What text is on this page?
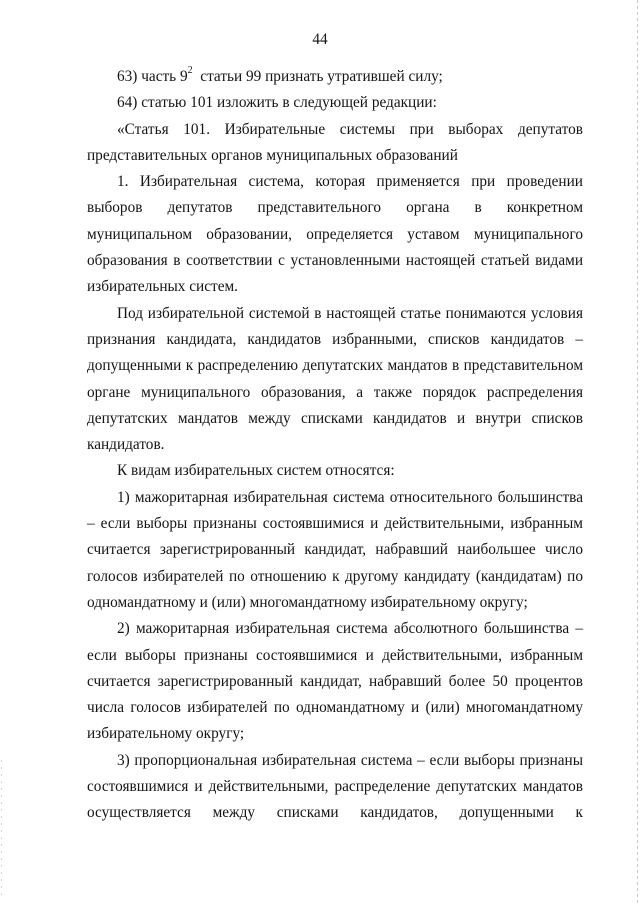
44

63) часть $9^2$  статьи 99 признать утратившей силу;

64) статью 101 изложить в следующей редакции:

«Статья 101. Избирательные системы при выборах депутатов представительных органов муниципальных образований

1. Избирательная система, которая применяется при проведении выборов депутатов представительного органа в конкретном муниципальном образовании, определяется уставом муниципального образования в соответствии с установленными настоящей статьей видами избирательных систем.

Под избирательной системой в настоящей статье понимаются условия признания кандидата, кандидатов избранными, списков кандидатов – допущенными к распределению депутатских мандатов в представительном органе муниципального образования, а также порядок распределения депутатских мандатов между списками кандидатов и внутри списков кандидатов.

К видам избирательных систем относятся:

1) мажоритарная избирательная система относительного большинства – если выборы признаны состоявшимися и действительными, избранным считается зарегистрированный кандидат, набравший наибольшее число голосов избирателей по отношению к другому кандидату (кандидатам) по одномандатному и (или) многомандатному избирательному округу;

2) мажоритарная избирательная система абсолютного большинства – если выборы признаны состоявшимися и действительными, избранным считается зарегистрированный кандидат, набравший более 50 процентов числа голосов избирателей по одномандатному и (или) многомандатному избирательному округу;

3) пропорциональная избирательная система – если выборы признаны состоявшимися и действительными, распределение депутатских мандатов осуществляется между списками кандидатов, допущенными к
